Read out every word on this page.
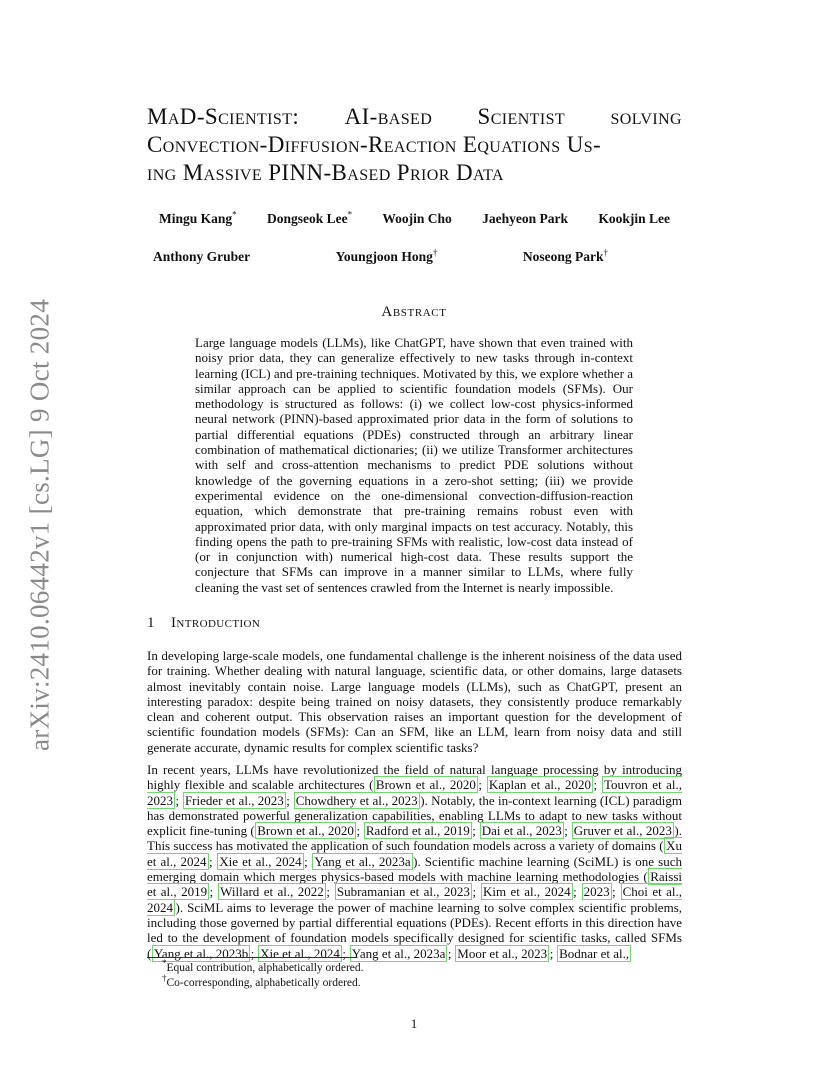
arXiv:2410.06442v1 [cs.LG] 9 Oct 2024
MaD-Scientist: AI-based Scientist solving
Convection-Diffusion-Reaction Equations Us-
ing Massive PINN-Based Prior Data
Mingu Kang* Dongseok Lee* Woojin Cho Jaehyeon Park Kookjin Lee
Anthony Gruber	Youngjoon Hong†	Noseong Park†
Abstract
Large language models (LLMs), like ChatGPT, have shown that even trained with noisy prior data, they can generalize effectively to new tasks through in-context learning (ICL) and pre-training techniques. Motivated by this, we explore whether a similar approach can be applied to scientific foundation models (SFMs). Our methodology is structured as follows: (i) we collect low-cost physics-informed neural network (PINN)-based approximated prior data in the form of solutions to partial differential equations (PDEs) constructed through an arbitrary linear combination of mathematical dictionaries; (ii) we utilize Transformer architectures with self and cross-attention mechanisms to predict PDE solutions without knowledge of the governing equations in a zero-shot setting; (iii) we provide experimental evidence on the one-dimensional convection-diffusion-reaction equation, which demonstrate that pre-training remains robust even with approximated prior data, with only marginal impacts on test accuracy. Notably, this finding opens the path to pre-training SFMs with realistic, low-cost data instead of (or in conjunction with) numerical high-cost data. These results support the conjecture that SFMs can improve in a manner similar to LLMs, where fully cleaning the vast set of sentences crawled from the Internet is nearly impossible.
1 Introduction
In developing large-scale models, one fundamental challenge is the inherent noisiness of the data used for training. Whether dealing with natural language, scientific data, or other domains, large datasets almost inevitably contain noise. Large language models (LLMs), such as ChatGPT, present an interesting paradox: despite being trained on noisy datasets, they consistently produce remarkably clean and coherent output. This observation raises an important question for the development of scientific foundation models (SFMs): Can an SFM, like an LLM, learn from noisy data and still generate accurate, dynamic results for complex scientific tasks?
In recent years, LLMs have revolutionized the field of natural language processing by introducing highly flexible and scalable architectures ( Brown et al., 2020 ; Kaplan et al., 2020 ; Touvron et al., 2023 ; Frieder et al., 2023 ; Chowdhery et al., 2023 ). Notably, the in-context learning (ICL) paradigm has demonstrated powerful generalization capabilities, enabling LLMs to adapt to new tasks without explicit fine-tuning ( Brown et al., 2020 ; Radford et al., 2019 ; Dai et al., 2023 ; Gruver et al., 2023 ). This success has motivated the application of such foundation models across a variety of domains ( Xu et al., 2024 ; Xie et al., 2024 ; Yang et al., 2023a ). Scientific machine learning (SciML) is one such emerging domain which merges physics-based models with machine learning methodologies ( Raissi et al., 2019 ; Willard et al., 2022 ; Subramanian et al., 2023 ; Kim et al., 2024 ; 2023 ; Choi et al., 2024 ). SciML aims to leverage the power of machine learning to solve complex scientific problems, including those governed by partial differential equations (PDEs). Recent efforts in this direction have led to the development of foundation models specifically designed for scientific tasks, called SFMs ( Yang et al., 2023b ; Xie et al., 2024 ; Yang et al., 2023a ; Moor et al., 2023 ; Bodnar et al.,
*Equal contribution, alphabetically ordered.
†Co-corresponding, alphabetically ordered.
1
